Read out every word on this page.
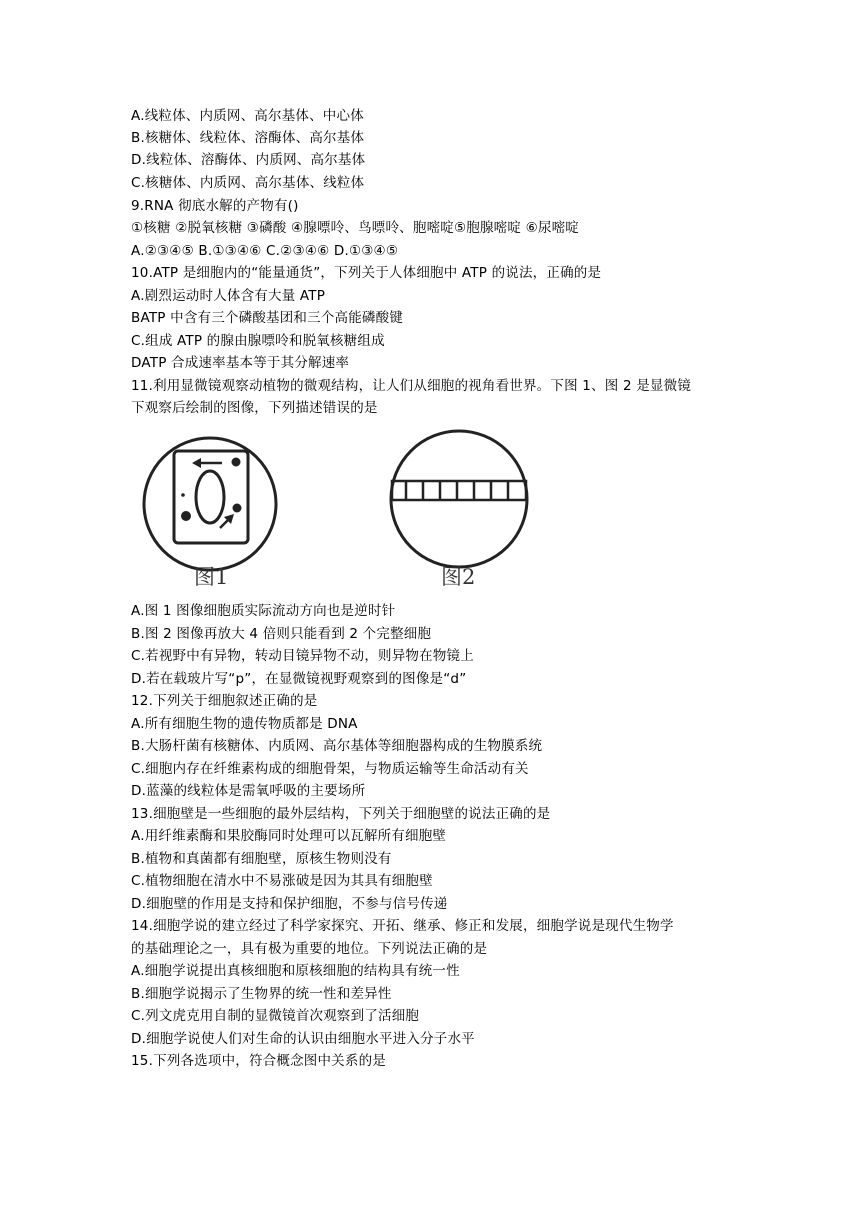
A.线粒体、内质网、高尔基体、中心体
B.核糖体、线粒体、溶酶体、高尔基体
D.线粒体、溶酶体、内质网、高尔基体
C.核糖体、内质网、高尔基体、线粒体
9.RNA 彻底水解的产物有()
①核糖 ②脱氧核糖 ③磷酸 ④腺嘌呤、鸟嘌呤、胞嘧啶⑤胞腺嘧啶 ⑥尿嘧啶
A.②③④⑤ B.①③④⑥ C.②③④⑥ D.①③④⑤
10.ATP 是细胞内的“能量通货”，下列关于人体细胞中 ATP 的说法，正确的是
A.剧烈运动时人体含有大量 ATP
BATP 中含有三个磷酸基团和三个高能磷酸键
C.组成 ATP 的腺由腺嘌呤和脱氧核糖组成
DATP 合成速率基本等于其分解速率
11.利用显微镜观察动植物的微观结构，让人们从细胞的视角看世界。下图 1、图 2 是显微镜
下观察后绘制的图像，下列描述错误的是
图1	图2
A.图 1 图像细胞质实际流动方向也是逆时针
B.图 2 图像再放大 4 倍则只能看到 2 个完整细胞
C.若视野中有异物，转动目镜异物不动，则异物在物镜上
D.若在载玻片写“p”，在显微镜视野观察到的图像是“d”
12.下列关于细胞叙述正确的是
A.所有细胞生物的遗传物质都是 DNA
B.大肠杆菌有核糖体、内质网、高尔基体等细胞器构成的生物膜系统
C.细胞内存在纤维素构成的细胞骨架，与物质运输等生命活动有关
D.蓝藻的线粒体是需氧呼吸的主要场所
13.细胞壁是一些细胞的最外层结构，下列关于细胞壁的说法正确的是
A.用纤维素酶和果胶酶同时处理可以瓦解所有细胞壁
B.植物和真菌都有细胞壁，原核生物则没有
C.植物细胞在清水中不易涨破是因为其具有细胞壁
D.细胞壁的作用是支持和保护细胞，不参与信号传递
14.细胞学说的建立经过了科学家探究、开拓、继承、修正和发展，细胞学说是现代生物学
的基础理论之一，具有极为重要的地位。下列说法正确的是
A.细胞学说提出真核细胞和原核细胞的结构具有统一性
B.细胞学说揭示了生物界的统一性和差异性
C.列文虎克用自制的显微镜首次观察到了活细胞
D.细胞学说使人们对生命的认识由细胞水平进入分子水平
15.下列各选项中，符合概念图中关系的是
